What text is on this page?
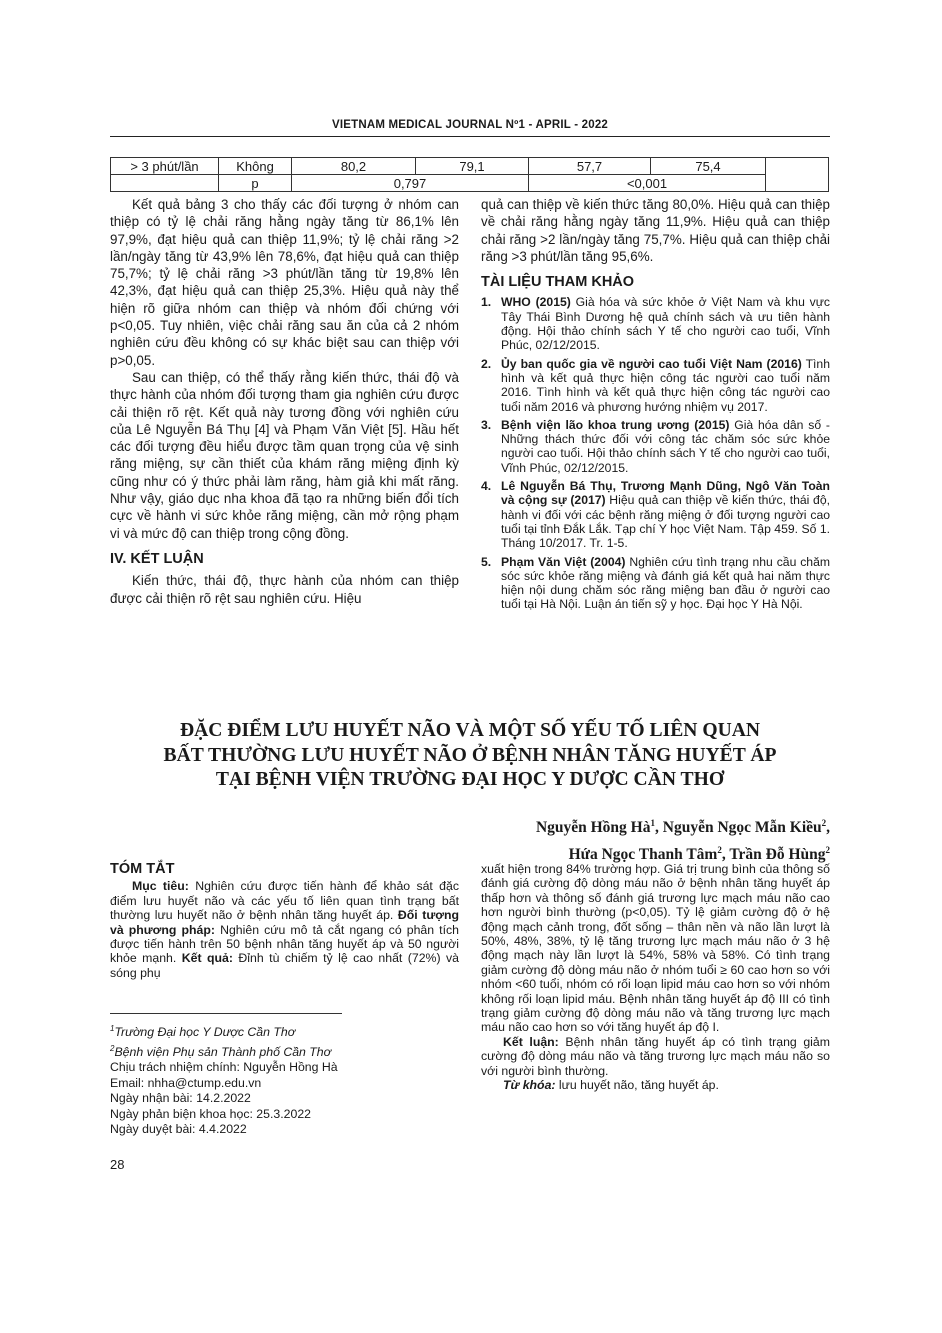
VIETNAM MEDICAL JOURNAL Nº1 - APRIL - 2022
> 3 phút/lần	Không	80,2	79,1	57,7	75,4	
	p	0,797		<0,001		

Kết quả bảng 3 cho thấy các đối tượng ở nhóm can thiệp có tỷ lệ chải răng hằng ngày tăng từ 86,1% lên 97,9%, đạt hiệu quả can thiệp 11,9%; tỷ lệ chải răng >2 lần/ngày tăng từ 43,9% lên 78,6%, đạt hiệu quả can thiệp 75,7%; tỷ lệ chải răng >3 phút/lần tăng từ 19,8% lên 42,3%, đạt hiệu quả can thiệp 25,3%. Hiệu quả này thể hiện rõ giữa nhóm can thiệp và nhóm đối chứng với p<0,05. Tuy nhiên, việc chải răng sau ăn của cả 2 nhóm nghiên cứu đều không có sự khác biệt sau can thiệp với p>0,05.

Sau can thiệp, có thể thấy rằng kiến thức, thái độ và thực hành của nhóm đối tượng tham gia nghiên cứu được cải thiện rõ rệt. Kết quả này tương đồng với nghiên cứu của Lê Nguyễn Bá Thụ [4] và Phạm Văn Việt [5]. Hầu hết các đối tượng đều hiểu được tầm quan trọng của vệ sinh răng miệng, sự cần thiết của khám răng miệng định kỳ cũng như có ý thức phải làm răng, hàm giả khi mất răng. Như vậy, giáo dục nha khoa đã tạo ra những biến đổi tích cực về hành vi sức khỏe răng miệng, cần mở rộng phạm vi và mức độ can thiệp trong cộng đồng.

IV. KẾT LUẬN

Kiến thức, thái độ, thực hành của nhóm can thiệp được cải thiện rõ rệt sau nghiên cứu. Hiệu

quả can thiệp về kiến thức tăng 80,0%. Hiệu quả can thiệp về chải răng hằng ngày tăng 11,9%. Hiệu quả can thiệp chải răng >2 lần/ngày tăng 75,7%. Hiệu quả can thiệp chải răng >3 phút/lần tăng 95,6%.

TÀI LIỆU THAM KHẢO
1. WHO (2015) Già hóa và sức khỏe ở Việt Nam và khu vực Tây Thái Bình Dương hệ quả chính sách và ưu tiên hành động. Hội thảo chính sách Y tế cho người cao tuổi, Vĩnh Phúc, 02/12/2015.
2. Ủy ban quốc gia về người cao tuổi Việt Nam (2016) Tình hình và kết quả thực hiện công tác người cao tuổi năm 2016. Tình hình và kết quả thực hiện công tác người cao tuổi năm 2016 và phương hướng nhiệm vụ 2017.
3. Bệnh viện lão khoa trung ương (2015) Già hóa dân số - Những thách thức đối với công tác chăm sóc sức khỏe người cao tuổi. Hội thảo chính sách Y tế cho người cao tuổi, Vĩnh Phúc, 02/12/2015.
4. Lê Nguyễn Bá Thụ, Trương Mạnh Dũng, Ngô Văn Toàn và cộng sự (2017) Hiệu quả can thiệp về kiến thức, thái độ, hành vi đối với các bệnh răng miệng ở đối tượng người cao tuổi tại tỉnh Đắk Lắk. Tạp chí Y học Việt Nam. Tập 459. Số 1. Tháng 10/2017. Tr. 1-5.
5. Phạm Văn Việt (2004) Nghiên cứu tình trạng nhu cầu chăm sóc sức khỏe răng miệng và đánh giá kết quả hai năm thực hiện nội dung chăm sóc răng miệng ban đầu ở người cao tuổi tại Hà Nội. Luận án tiến sỹ y học. Đại học Y Hà Nội.
ĐẶC ĐIỂM LƯU HUYẾT NÃO VÀ MỘT SỐ YẾU TỐ LIÊN QUAN
BẤT THƯỜNG LƯU HUYẾT NÃO Ở BỆNH NHÂN TĂNG HUYẾT ÁP
TẠI BỆNH VIỆN TRƯỜNG ĐẠI HỌC Y DƯỢC CẦN THƠ
Nguyễn Hồng $Hà^1$, Nguyễn Ngọc Mẫn Kiều$^2$,
Hứa Ngọc Thanh Tâm$^2$, Trần Đỗ Hùng$^2$
TÓM TẮT

Mục tiêu: Nghiên cứu được tiến hành để khảo sát đặc điểm lưu huyết não và các yếu tố liên quan tình trạng bất thường lưu huyết não ở bệnh nhân tăng huyết áp. Đối tượng và phương pháp: Nghiên cứu mô tả cắt ngang có phân tích được tiến hành trên 50 bệnh nhân tăng huyết áp và 50 người khỏe mạnh. Kết quả: Đỉnh tù chiếm tỷ lệ cao nhất (72%) và sóng phụ

xuất hiện trong 84% trường hợp. Giá trị trung bình của thông số đánh giá cường độ dòng máu não ở bệnh nhân tăng huyết áp thấp hơn và thông số đánh giá trương lực mạch máu não cao hơn người bình thường (p<0,05). Tỷ lệ giảm cường độ ở hệ động mạch cảnh trong, đốt sống – thân nền và não lần lượt là 50%, 48%, 38%, tỷ lệ tăng trương lực mạch máu não ở 3 hệ động mạch này lần lượt là 54%, 58% và 58%. Có tình trạng giảm cường độ dòng máu não ở nhóm tuổi ≥ 60 cao hơn so với nhóm <60 tuổi, nhóm có rối loạn lipid máu cao hơn so với nhóm không rối loạn lipid máu. Bệnh nhân tăng huyết áp độ III có tình trạng giảm cường độ dòng máu não và tăng trương lực mạch máu não cao hơn so với tăng huyết áp độ I.

Kết luận: Bệnh nhân tăng huyết áp có tình trạng giảm cường độ dòng máu não và tăng trương lực mạch máu não so với người bình thường.

Từ khóa: lưu huyết não, tăng huyết áp.

$^1$Trường Đại học Y Dược Cần Thơ
$^2$Bệnh viện Phụ sản Thành phố Cần Thơ
Chịu trách nhiệm chính: Nguyễn Hồng Hà
Email: nhha@ctump.edu.vn
Ngày nhận bài: 14.2.2022
Ngày phản biện khoa học: 25.3.2022
Ngày duyệt bài: 4.4.2022
28
